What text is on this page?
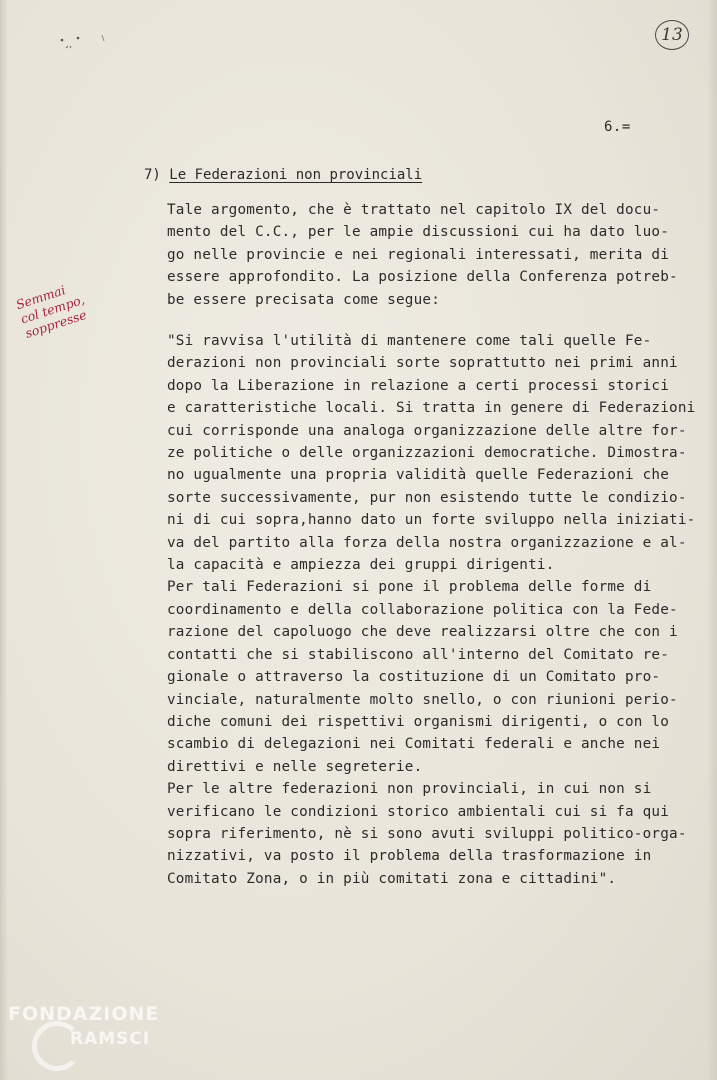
13
6.=
7) Le Federazioni non provinciali
Tale argomento, che è trattato nel capitolo IX del docu-
mento del C.C., per le ampie discussioni cui ha dato luo-
go nelle provincie e nei regionali interessati, merita di
essere approfondito. La posizione della Conferenza potreb-
be essere precisata come segue:
Semmai
col tempo,
soppresse
"Si ravvisa l'utilità di mantenere come tali quelle Fe-
derazioni non provinciali sorte soprattutto nei primi anni
dopo la Liberazione in relazione a certi processi storici
e caratteristiche locali. Si tratta in genere di Federazioni
cui corrisponde una analoga organizzazione delle altre for-
ze politiche o delle organizzazioni democratiche. Dimostra-
no ugualmente una propria validità quelle Federazioni che
sorte successivamente, pur non esistendo tutte le condizio-
ni di cui sopra,hanno dato un forte sviluppo nella iniziati-
va del partito alla forza della nostra organizzazione e al-
la capacità e ampiezza dei gruppi dirigenti.
Per tali Federazioni si pone il problema delle forme di
coordinamento e della collaborazione politica con la Fede-
razione del capoluogo che deve realizzarsi oltre che con i
contatti che si stabiliscono all'interno del Comitato re-
gionale o attraverso la costituzione di un Comitato pro-
vinciale, naturalmente molto snello, o con riunioni perio-
diche comuni dei rispettivi organismi dirigenti, o con lo
scambio di delegazioni nei Comitati federali e anche nei
direttivi e nelle segreterie.
Per le altre federazioni non provinciali, in cui non si
verificano le condizioni storico ambientali cui si fa qui
sopra riferimento, nè si sono avuti sviluppi politico-orga-
nizzativi, va posto il problema della trasformazione in
Comitato Zona, o in più comitati zona e cittadini".
FONDAZIONE
RAMSCI
